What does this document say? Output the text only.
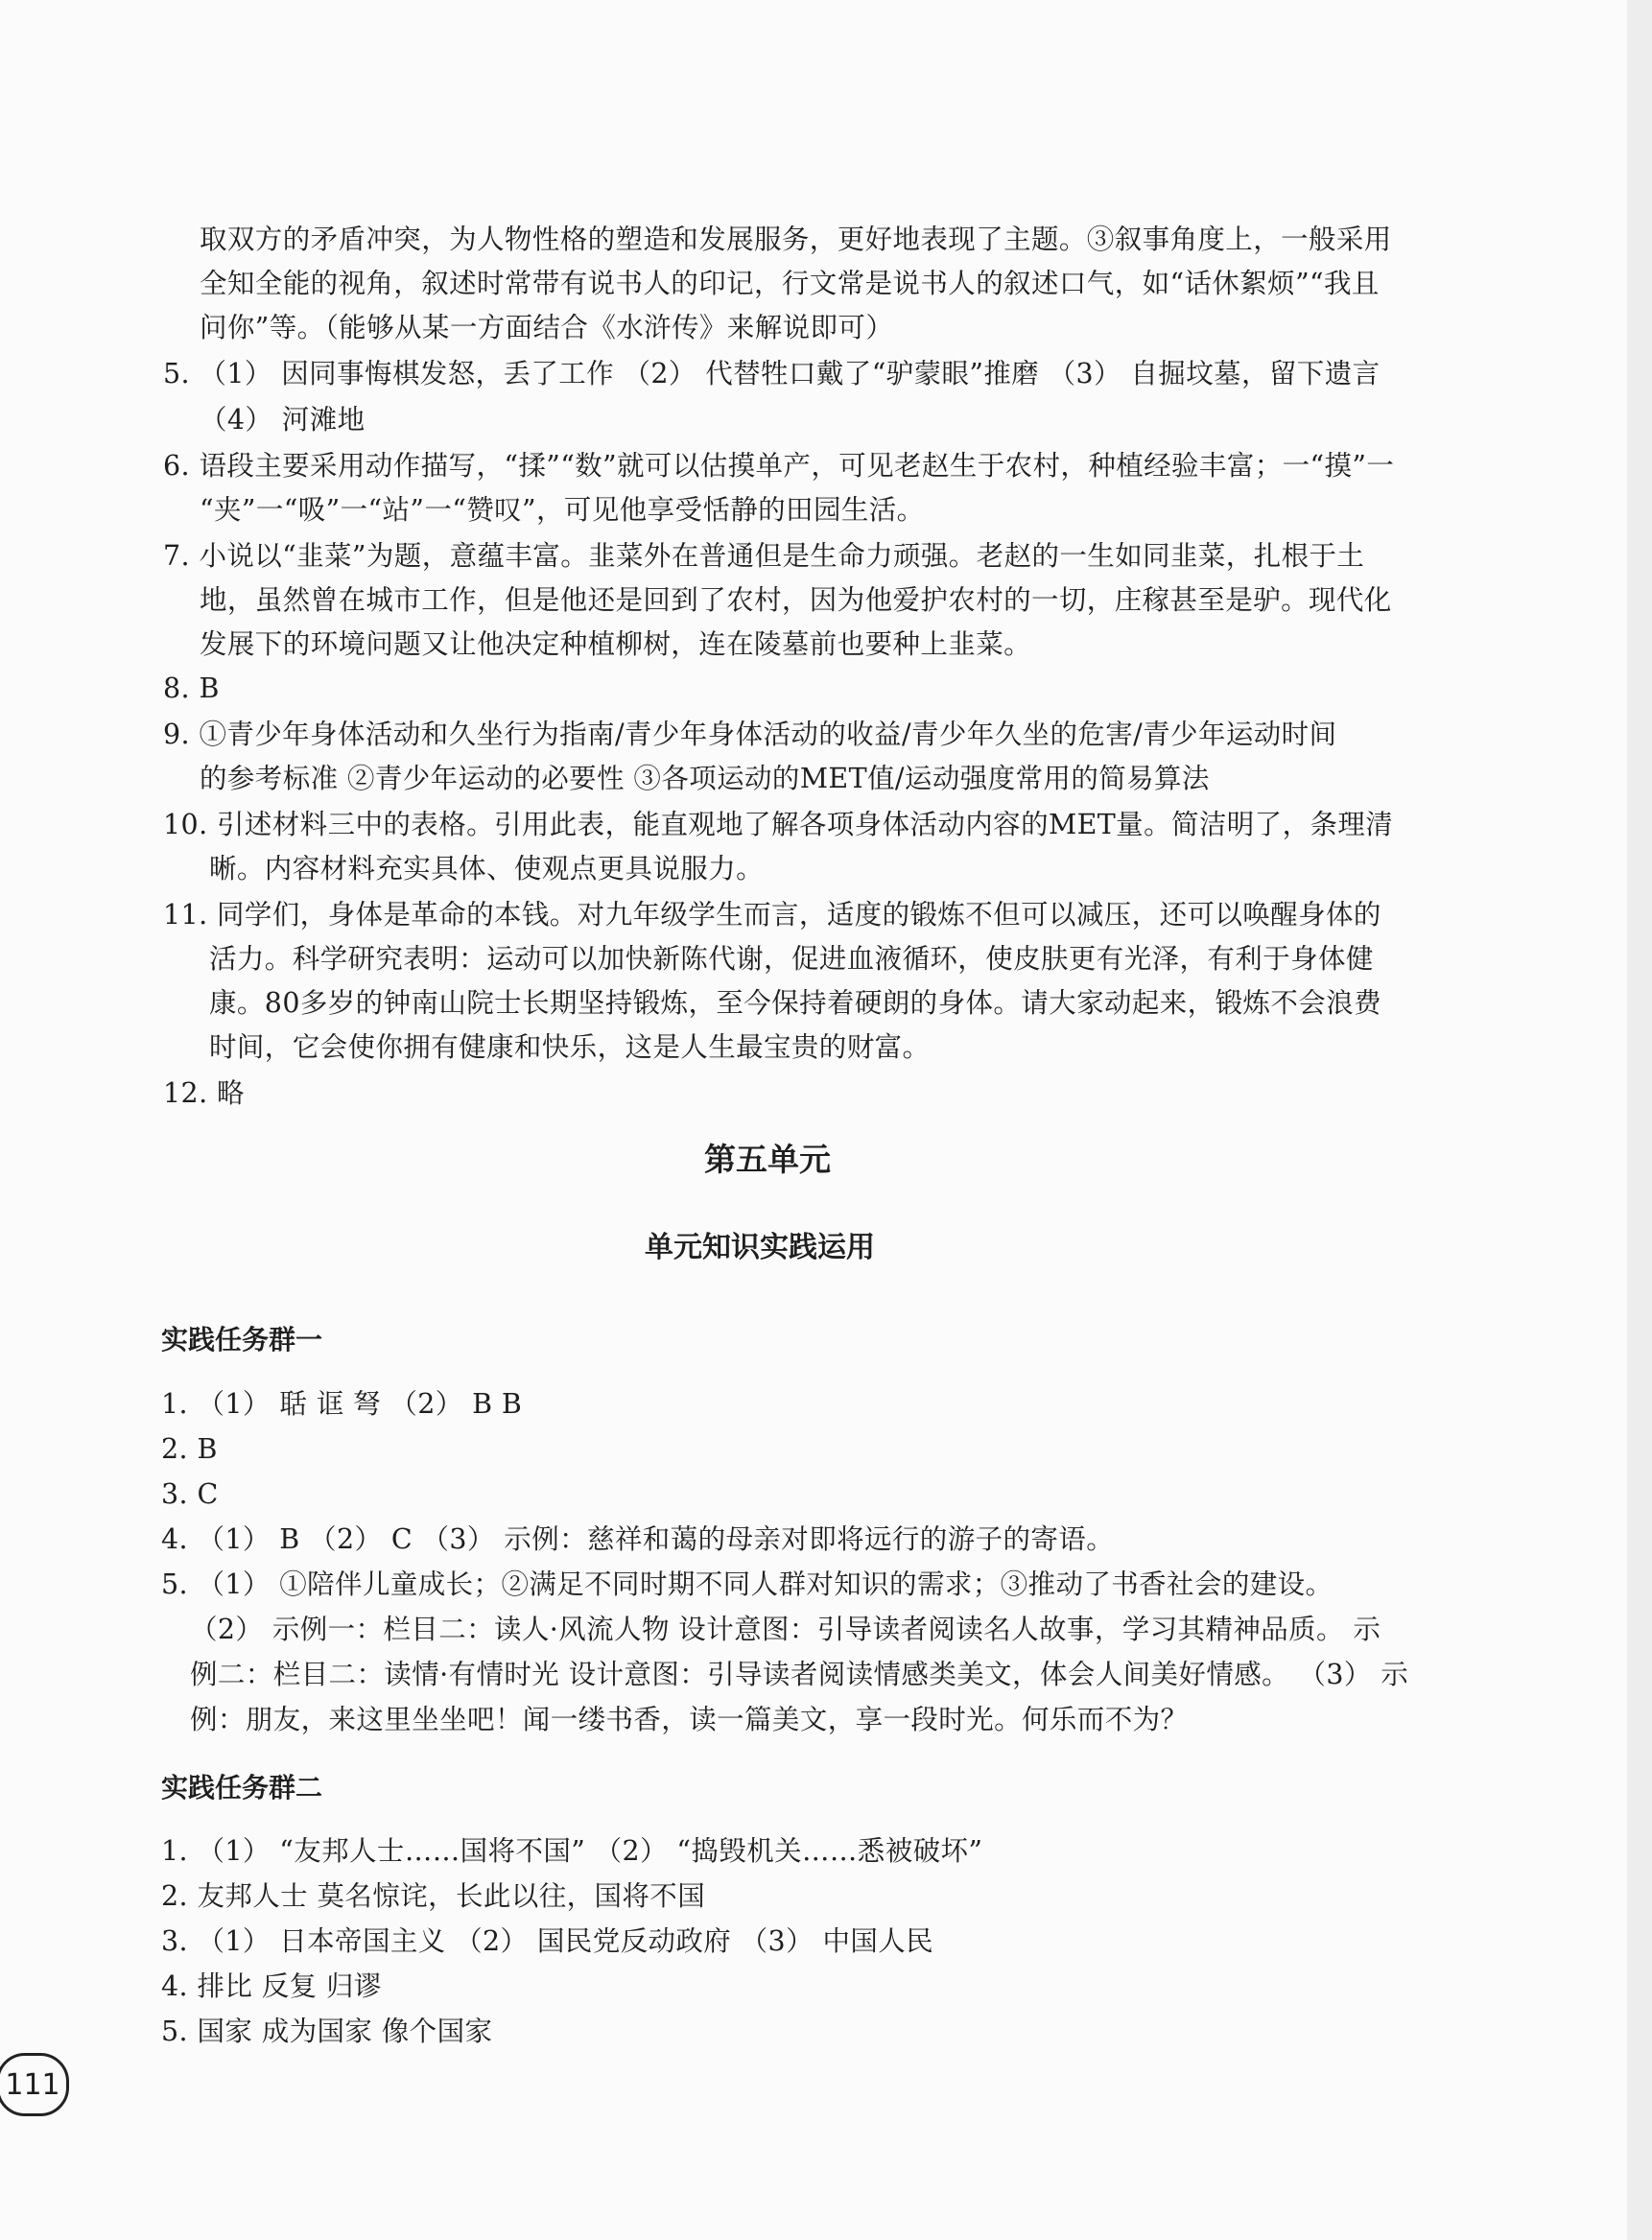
取双方的矛盾冲突，为人物性格的塑造和发展服务，更好地表现了主题。③叙事角度上，一般采用
全知全能的视角，叙述时常带有说书人的印记，行文常是说书人的叙述口气，如“话休絮烦”“我且
问你”等。（能够从某一方面结合《水浒传》来解说即可）
5. （1） 因同事悔棋发怒，丢了工作 （2） 代替牲口戴了“驴蒙眼”推磨 （3） 自掘坟墓，留下遗言
（4） 河滩地
6. 语段主要采用动作描写，“揉”“数”就可以估摸单产，可见老赵生于农村，种植经验丰富；一“摸”一
“夹”一“吸”一“站”一“赞叹”，可见他享受恬静的田园生活。
7. 小说以“韭菜”为题，意蕴丰富。韭菜外在普通但是生命力顽强。老赵的一生如同韭菜，扎根于土
地，虽然曾在城市工作，但是他还是回到了农村，因为他爱护农村的一切，庄稼甚至是驴。现代化
发展下的环境问题又让他决定种植柳树，连在陵墓前也要种上韭菜。
8. B
9. ①青少年身体活动和久坐行为指南/青少年身体活动的收益/青少年久坐的危害/青少年运动时间
的参考标准 ②青少年运动的必要性 ③各项运动的MET值/运动强度常用的简易算法
10. 引述材料三中的表格。引用此表，能直观地了解各项身体活动内容的MET量。简洁明了，条理清
晰。内容材料充实具体、使观点更具说服力。
11. 同学们，身体是革命的本钱。对九年级学生而言，适度的锻炼不但可以减压，还可以唤醒身体的
活力。科学研究表明：运动可以加快新陈代谢，促进血液循环，使皮肤更有光泽，有利于身体健
康。80多岁的钟南山院士长期坚持锻炼，至今保持着硬朗的身体。请大家动起来，锻炼不会浪费
时间，它会使你拥有健康和快乐，这是人生最宝贵的财富。
12. 略
第五单元
单元知识实践运用
实践任务群一
1. （1） 聒 诓 弩 （2） B B
2. B
3. C
4. （1） B （2） C （3） 示例：慈祥和蔼的母亲对即将远行的游子的寄语。
5. （1） ①陪伴儿童成长；②满足不同时期不同人群对知识的需求；③推动了书香社会的建设。
（2） 示例一：栏目二：读人·风流人物 设计意图：引导读者阅读名人故事，学习其精神品质。 示
例二：栏目二：读情·有情时光 设计意图：引导读者阅读情感类美文，体会人间美好情感。 （3） 示
例：朋友，来这里坐坐吧！闻一缕书香，读一篇美文，享一段时光。何乐而不为？
实践任务群二
1. （1） “友邦人士……国将不国” （2） “捣毁机关……悉被破坏”
2. 友邦人士 莫名惊诧，长此以往，国将不国
3. （1） 日本帝国主义 （2） 国民党反动政府 （3） 中国人民
4. 排比 反复 归谬
5. 国家 成为国家 像个国家
111
